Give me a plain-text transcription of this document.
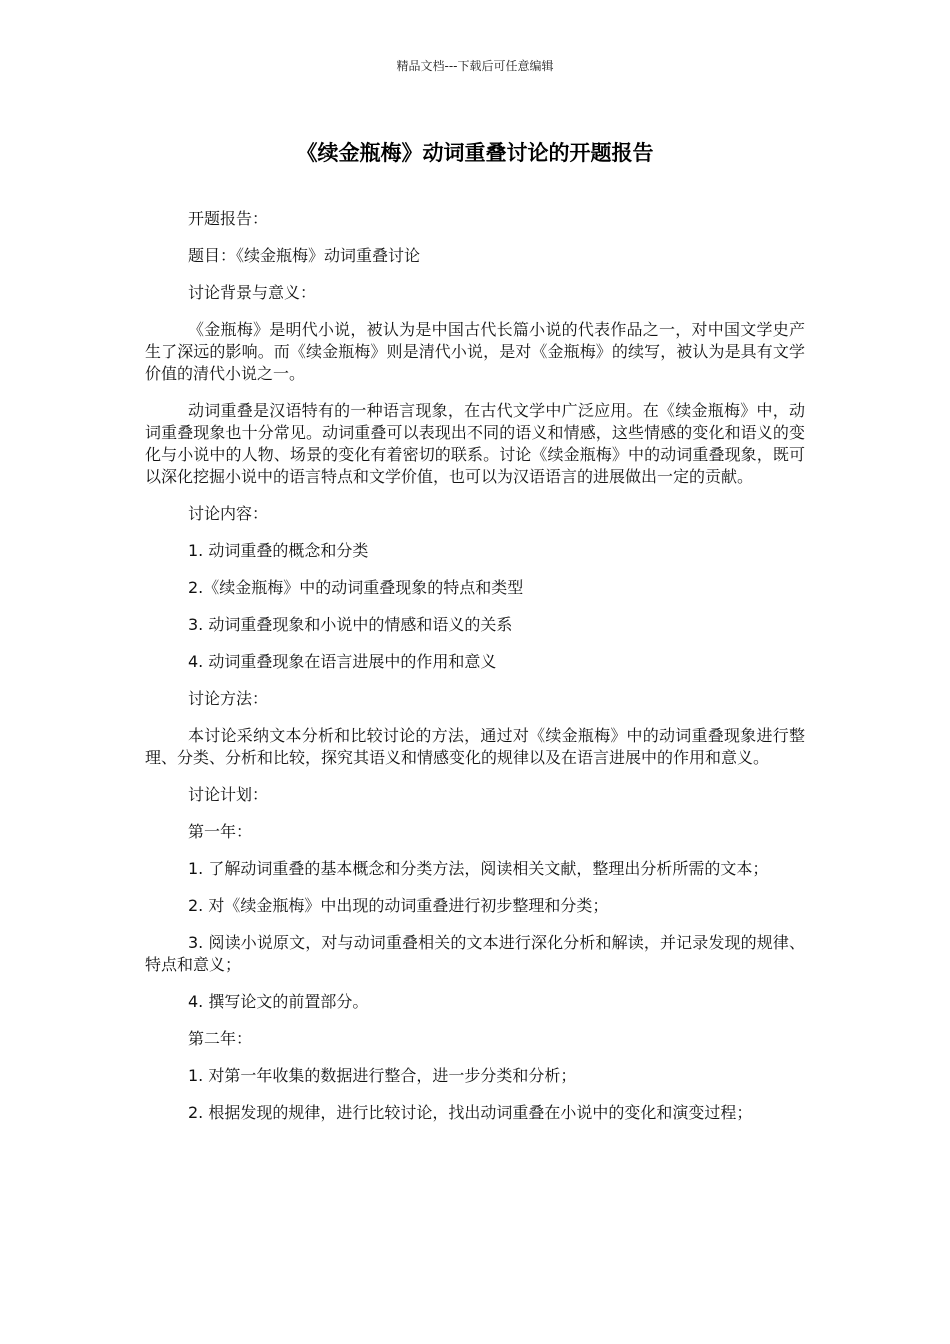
精品文档---下载后可任意编辑
《续金瓶梅》动词重叠讨论的开题报告

开题报告：

题目：《续金瓶梅》动词重叠讨论

讨论背景与意义：

《金瓶梅》是明代小说，被认为是中国古代长篇小说的代表作品之一，对中国文学史产生了深远的影响。而《续金瓶梅》则是清代小说，是对《金瓶梅》的续写，被认为是具有文学价值的清代小说之一。

动词重叠是汉语特有的一种语言现象，在古代文学中广泛应用。在《续金瓶梅》中，动词重叠现象也十分常见。动词重叠可以表现出不同的语义和情感，这些情感的变化和语义的变化与小说中的人物、场景的变化有着密切的联系。讨论《续金瓶梅》中的动词重叠现象，既可以深化挖掘小说中的语言特点和文学价值，也可以为汉语语言的进展做出一定的贡献。

讨论内容：

1. 动词重叠的概念和分类

2.《续金瓶梅》中的动词重叠现象的特点和类型

3. 动词重叠现象和小说中的情感和语义的关系

4. 动词重叠现象在语言进展中的作用和意义

讨论方法：

本讨论采纳文本分析和比较讨论的方法，通过对《续金瓶梅》中的动词重叠现象进行整理、分类、分析和比较，探究其语义和情感变化的规律以及在语言进展中的作用和意义。

讨论计划：

第一年：

1. 了解动词重叠的基本概念和分类方法，阅读相关文献，整理出分析所需的文本；

2. 对《续金瓶梅》中出现的动词重叠进行初步整理和分类；

3. 阅读小说原文，对与动词重叠相关的文本进行深化分析和解读，并记录发现的规律、特点和意义；

4. 撰写论文的前置部分。

第二年：

1. 对第一年收集的数据进行整合，进一步分类和分析；

2. 根据发现的规律，进行比较讨论，找出动词重叠在小说中的变化和演变过程；
